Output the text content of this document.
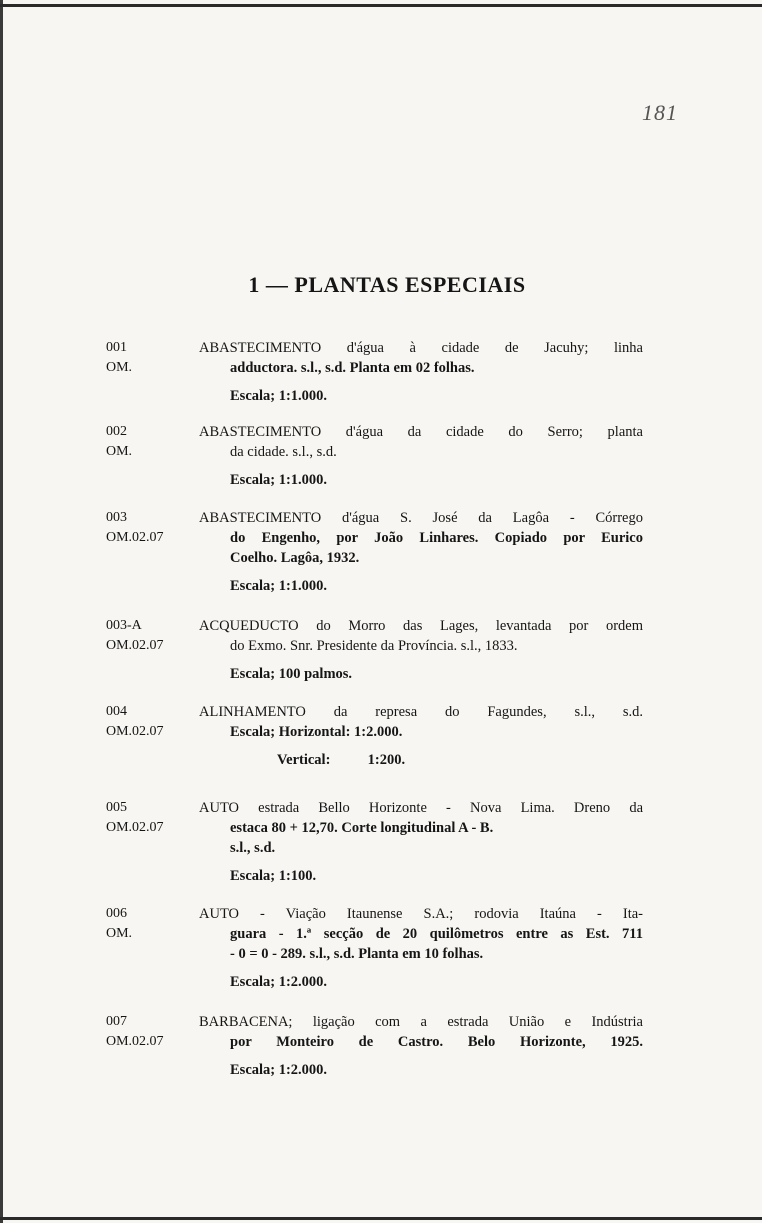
181
1 — PLANTAS ESPECIAIS
001
OM.
ABASTECIMENTO d'água à cidade de Jacuhy; linha
adductora. s.l., s.d. Planta em 02 folhas.
Escala; 1:1.000.
002
OM.
ABASTECIMENTO d'água da cidade do Serro; planta
da cidade. s.l., s.d.
Escala; 1:1.000.
003
OM.02.07
ABASTECIMENTO d'água S. José da Lagôa - Córrego
do Engenho, por João Linhares. Copiado por Eurico
Coelho. Lagôa, 1932.
Escala; 1:1.000.
003-A
OM.02.07
ACQUEDUCTO do Morro das Lages, levantada por ordem
do Exmo. Snr. Presidente da Província. s.l., 1833.
Escala; 100 palmos.
004
OM.02.07
ALINHAMENTO da represa do Fagundes, s.l., s.d.
Escala; Horizontal: 1:2.000.
Vertical:	1:200.
005
OM.02.07
AUTO estrada Bello Horizonte - Nova Lima. Dreno da
estaca 80 + 12,70. Corte longitudinal A - B.
s.l., s.d.
Escala; 1:100.
006
OM.
AUTO - Viação Itaunense S.A.; rodovia Itaúna - Ita-
guara - 1.ª secção de 20 quilômetros entre as Est. 711
- 0 = 0 - 289. s.l., s.d. Planta em 10 folhas.
Escala; 1:2.000.
007
OM.02.07
BARBACENA; ligação com a estrada União e Indústria
por Monteiro de Castro. Belo Horizonte, 1925.
Escala; 1:2.000.
